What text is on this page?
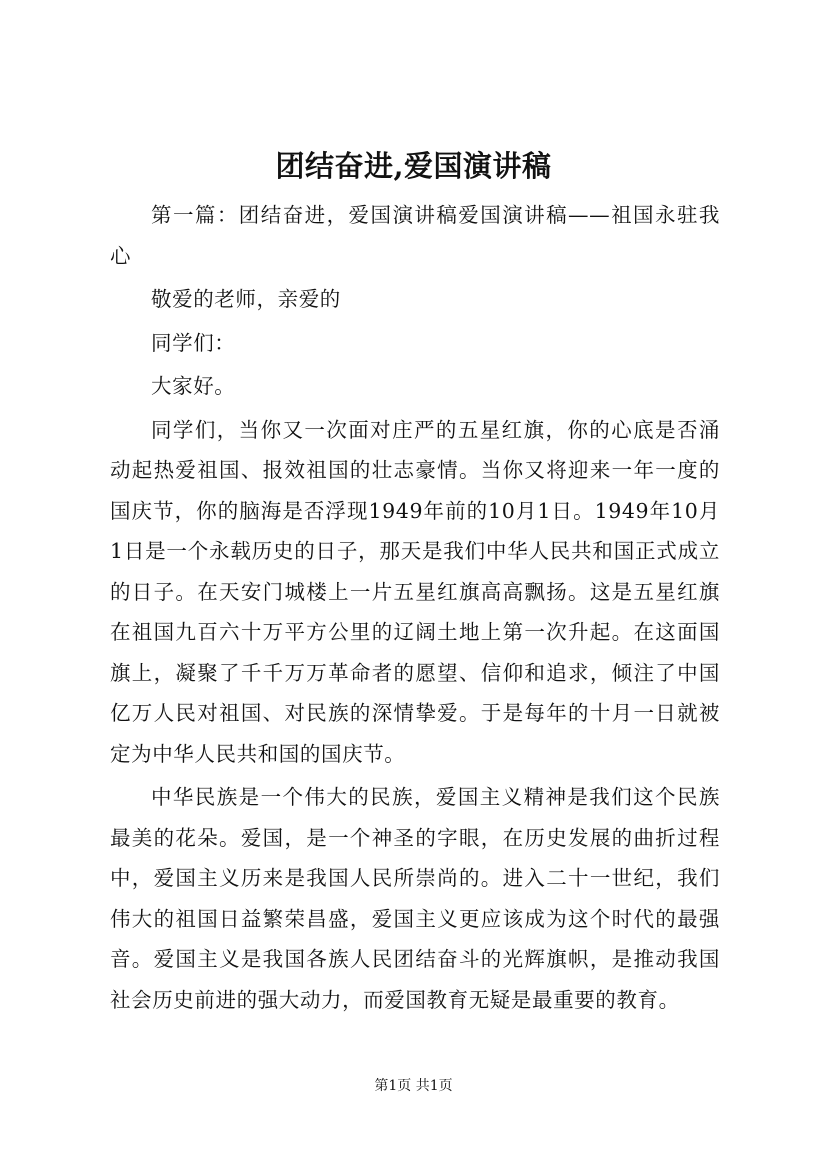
团结奋进,爱国演讲稿

第一篇：团结奋进，爱国演讲稿爱国演讲稿——祖国永驻我心

敬爱的老师，亲爱的

同学们：

大家好。

同学们，当你又一次面对庄严的五星红旗，你的心底是否涌动起热爱祖国、报效祖国的壮志豪情。当你又将迎来一年一度的国庆节，你的脑海是否浮现1949年前的10月1日。1949年10月1日是一个永载历史的日子，那天是我们中华人民共和国正式成立的日子。在天安门城楼上一片五星红旗高高飘扬。这是五星红旗在祖国九百六十万平方公里的辽阔土地上第一次升起。在这面国旗上，凝聚了千千万万革命者的愿望、信仰和追求，倾注了中国亿万人民对祖国、对民族的深情挚爱。于是每年的十月一日就被定为中华人民共和国的国庆节。

中华民族是一个伟大的民族，爱国主义精神是我们这个民族最美的花朵。爱国，是一个神圣的字眼，在历史发展的曲折过程中，爱国主义历来是我国人民所崇尚的。进入二十一世纪，我们伟大的祖国日益繁荣昌盛，爱国主义更应该成为这个时代的最强音。爱国主义是我国各族人民团结奋斗的光辉旗帜，是推动我国社会历史前进的强大动力，而爱国教育无疑是最重要的教育。

第1页 共1页
